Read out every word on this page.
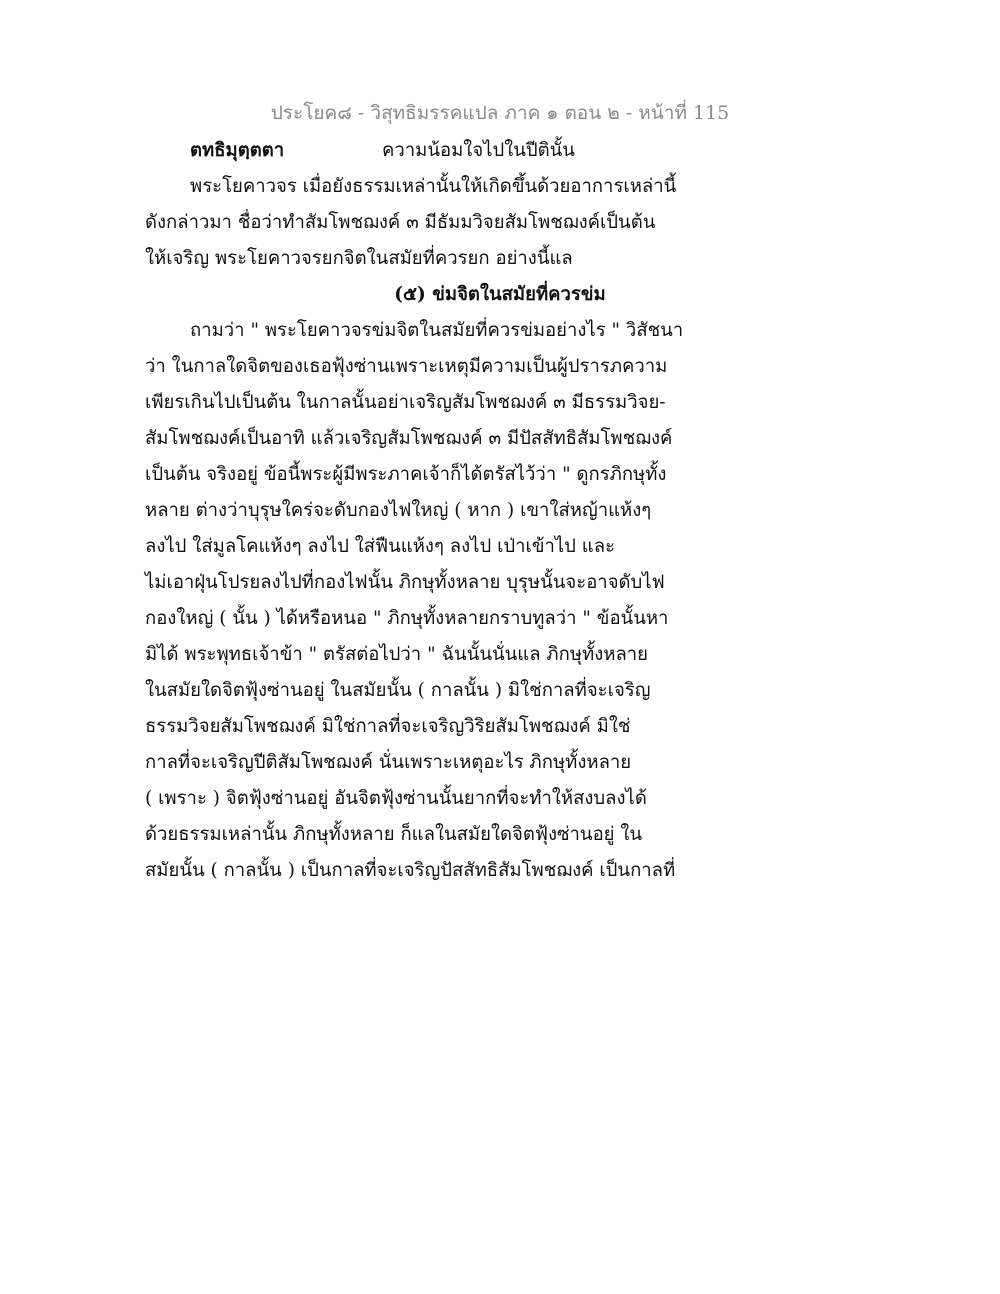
ประโยค๘ - วิสุทธิมรรคแปล ภาค ๑ ตอน ๒ - หน้าที่ 115
ตทธิมุตฺตตา	ความน้อมใจไปในปีตินั้น
พระโยคาวจร เมื่อยังธรรมเหล่านั้นให้เกิดขึ้นด้วยอาการเหล่านี้
ดังกล่าวมา ชื่อว่าทำสัมโพชฌงค์ ๓ มีธัมมวิจยสัมโพชฌงค์เป็นต้น
ให้เจริญ พระโยคาวจรยกจิตในสมัยที่ควรยก อย่างนี้แล
(๕) ข่มจิตในสมัยที่ควรข่ม
ถามว่า " พระโยคาวจรข่มจิตในสมัยที่ควรข่มอย่างไร " วิสัชนา
ว่า ในกาลใดจิตของเธอฟุ้งซ่านเพราะเหตุมีความเป็นผู้ปรารภความ
เพียรเกินไปเป็นต้น ในกาลนั้นอย่าเจริญสัมโพชฌงค์ ๓ มีธรรมวิจย-
สัมโพชฌงค์เป็นอาทิ แล้วเจริญสัมโพชฌงค์ ๓ มีปัสสัทธิสัมโพชฌงค์
เป็นต้น จริงอยู่ ข้อนี้พระผู้มีพระภาคเจ้าก็ได้ตรัสไว้ว่า " ดูกรภิกษุทั้ง
หลาย ต่างว่าบุรุษใคร่จะดับกองไฟใหญ่ ( หาก ) เขาใส่หญ้าแห้งๆ
ลงไป ใส่มูลโคแห้งๆ ลงไป ใส่ฟืนแห้งๆ ลงไป เป่าเข้าไป และ
ไม่เอาฝุ่นโปรยลงไปที่กองไฟนั้น ภิกษุทั้งหลาย บุรุษนั้นจะอาจดับไฟ
กองใหญ่ ( นั้น ) ได้หรือหนอ " ภิกษุทั้งหลายกราบทูลว่า " ข้อนั้นหา
มิได้ พระพุทธเจ้าข้า " ตรัสต่อไปว่า " ฉันนั้นนั่นแล ภิกษุทั้งหลาย
ในสมัยใดจิตฟุ้งซ่านอยู่ ในสมัยนั้น ( กาลนั้น ) มิใช่กาลที่จะเจริญ
ธรรมวิจยสัมโพชฌงค์ มิใช่กาลที่จะเจริญวิริยสัมโพชฌงค์ มิใช่
กาลที่จะเจริญปีติสัมโพชฌงค์ นั่นเพราะเหตุอะไร ภิกษุทั้งหลาย
( เพราะ ) จิตฟุ้งซ่านอยู่ อันจิตฟุ้งซ่านนั้นยากที่จะทำให้สงบลงได้
ด้วยธรรมเหล่านั้น ภิกษุทั้งหลาย ก็แลในสมัยใดจิตฟุ้งซ่านอยู่ ใน
สมัยนั้น ( กาลนั้น ) เป็นกาลที่จะเจริญปัสสัทธิสัมโพชฌงค์ เป็นกาลที่
